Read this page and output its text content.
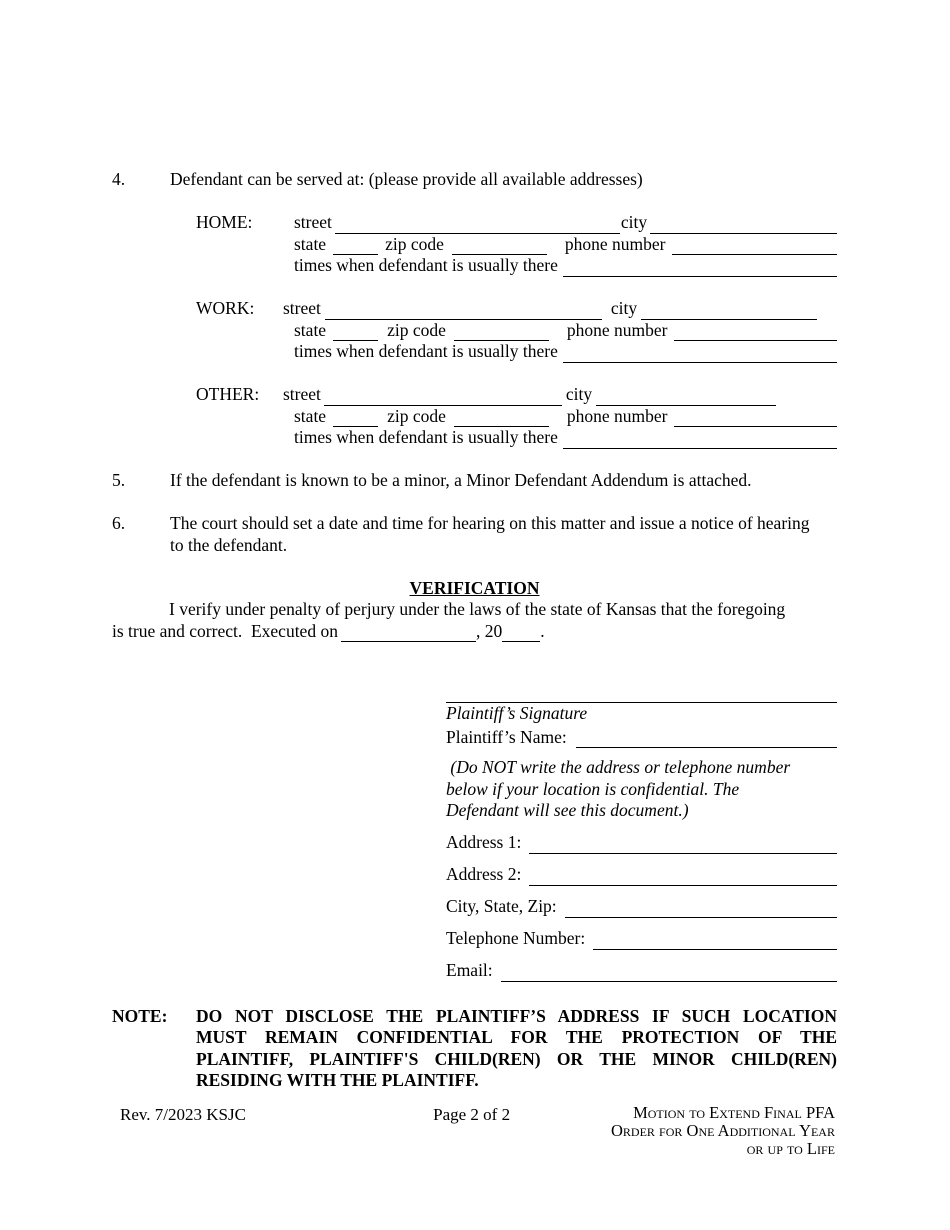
4.	Defendant can be served at: (please provide all available addresses)
HOME: street	city
state	zip code	phone number
times when defendant is usually there
WORK: street	city
state	zip code	phone number
times when defendant is usually there
OTHER: street	city
state	zip code	phone number
times when defendant is usually there
5.	If the defendant is known to be a minor, a Minor Defendant Addendum is attached.
6.	The court should set a date and time for hearing on this matter and issue a notice of hearing
to the defendant.
VERIFICATION
I verify under penalty of perjury under the laws of the state of Kansas that the foregoing
is true and correct.  Executed on	, 20 .
Plaintiff’s Signature
Plaintiff’s Name:
(Do NOT write the address or telephone number
below if your location is confidential. The
Defendant will see this document.)
Address 1:
Address 2:
City, State, Zip:
Telephone Number:
Email:
NOTE:	DO NOT DISCLOSE THE PLAINTIFF’S ADDRESS IF SUCH LOCATION
MUST REMAIN CONFIDENTIAL FOR THE PROTECTION OF THE
PLAINTIFF, PLAINTIFF'S CHILD(REN) OR THE MINOR CHILD(REN)
RESIDING WITH THE PLAINTIFF.
Rev. 7/2023 KSJC	Page 2 of 2	Motion to Extend Final PFA
Order for One Additional Year
or up to Life
